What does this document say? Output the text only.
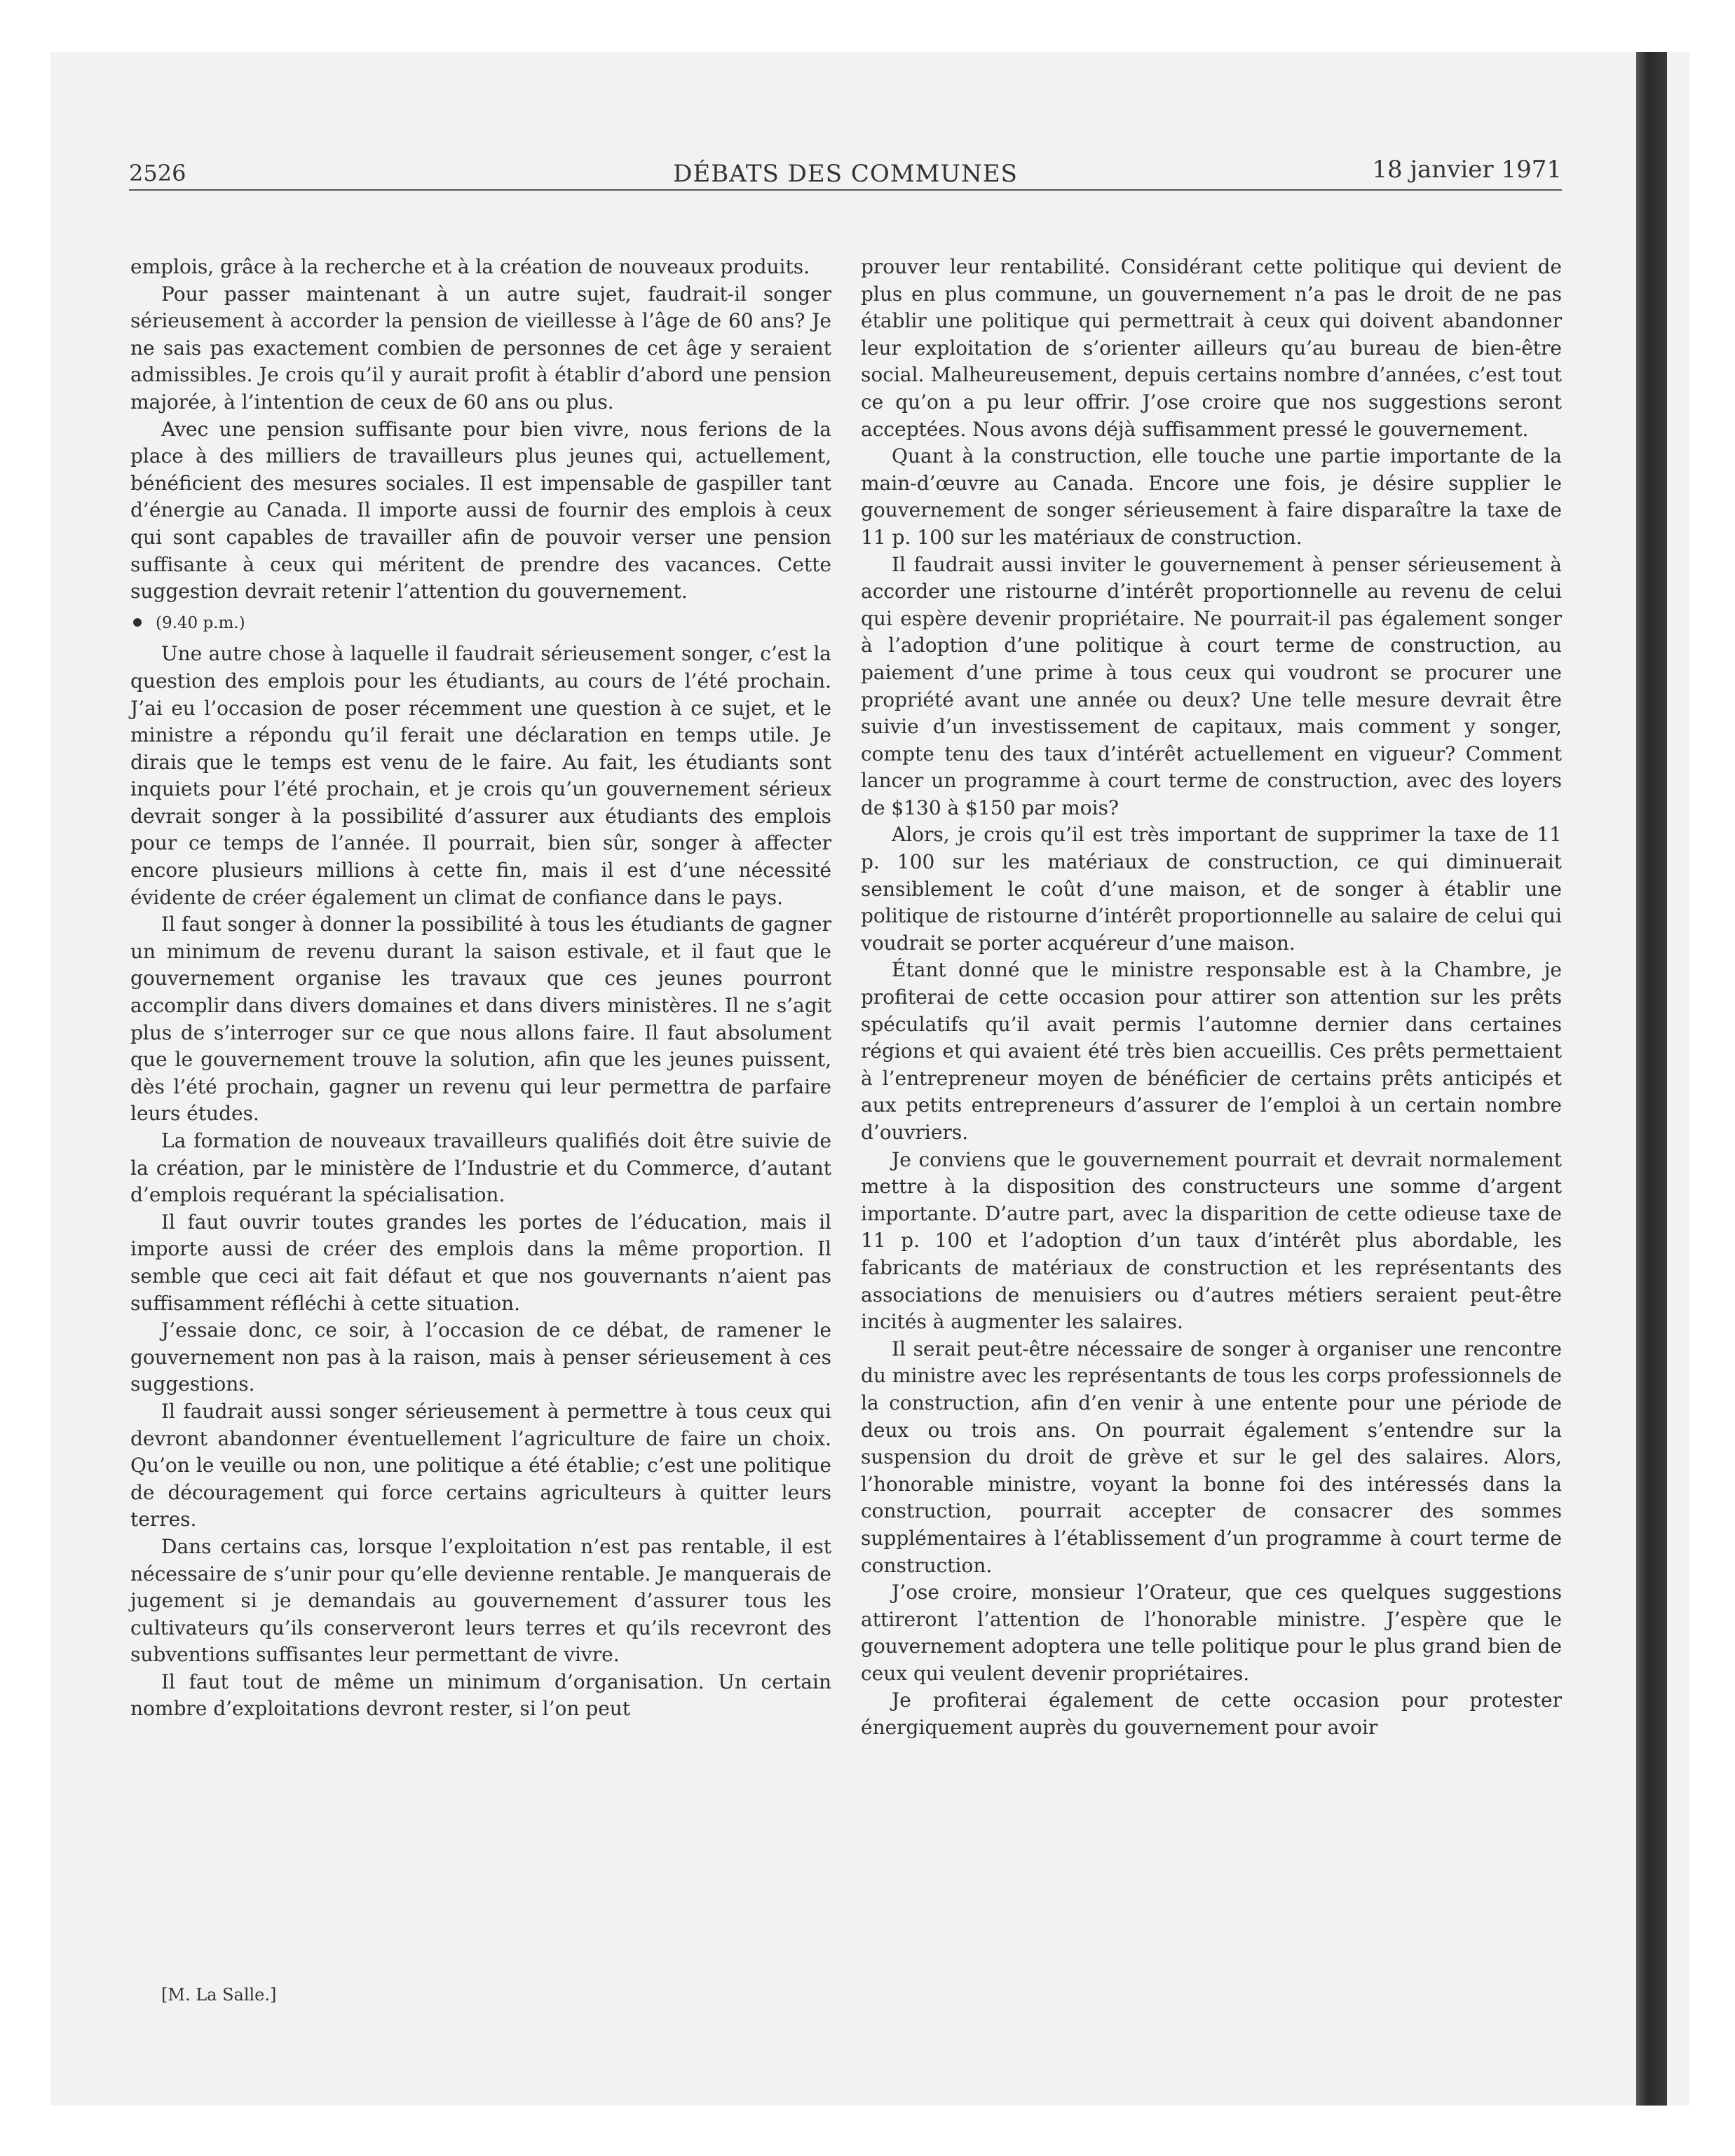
2526	DÉBATS DES COMMUNES	18 janvier 1971

emplois, grâce à la recherche et à la création de nouveaux produits.

Pour passer maintenant à un autre sujet, faudrait-il songer sérieusement à accorder la pension de vieillesse à l’âge de 60 ans? Je ne sais pas exactement combien de personnes de cet âge y seraient admissibles. Je crois qu’il y aurait profit à établir d’abord une pension majorée, à l’intention de ceux de 60 ans ou plus.

Avec une pension suffisante pour bien vivre, nous ferions de la place à des milliers de travailleurs plus jeunes qui, actuellement, bénéficient des mesures sociales. Il est impensable de gaspiller tant d’énergie au Canada. Il importe aussi de fournir des emplois à ceux qui sont capables de travailler afin de pouvoir verser une pension suffisante à ceux qui méritent de prendre des vacances. Cette suggestion devrait retenir l’attention du gouvernement.

(9.40 p.m.)

Une autre chose à laquelle il faudrait sérieusement songer, c’est la question des emplois pour les étudiants, au cours de l’été prochain. J’ai eu l’occasion de poser récemment une question à ce sujet, et le ministre a répondu qu’il ferait une déclaration en temps utile. Je dirais que le temps est venu de le faire. Au fait, les étudiants sont inquiets pour l’été prochain, et je crois qu’un gouvernement sérieux devrait songer à la possibilité d’assurer aux étudiants des emplois pour ce temps de l’année. Il pourrait, bien sûr, songer à affecter encore plusieurs millions à cette fin, mais il est d’une nécessité évidente de créer également un climat de confiance dans le pays.

Il faut songer à donner la possibilité à tous les étudiants de gagner un minimum de revenu durant la saison estivale, et il faut que le gouvernement organise les travaux que ces jeunes pourront accomplir dans divers domaines et dans divers ministères. Il ne s’agit plus de s’interroger sur ce que nous allons faire. Il faut absolument que le gouvernement trouve la solution, afin que les jeunes puissent, dès l’été prochain, gagner un revenu qui leur permettra de parfaire leurs études.

La formation de nouveaux travailleurs qualifiés doit être suivie de la création, par le ministère de l’Industrie et du Commerce, d’autant d’emplois requérant la spécialisation.

Il faut ouvrir toutes grandes les portes de l’éducation, mais il importe aussi de créer des emplois dans la même proportion. Il semble que ceci ait fait défaut et que nos gouvernants n’aient pas suffisamment réfléchi à cette situation.

J’essaie donc, ce soir, à l’occasion de ce débat, de ramener le gouvernement non pas à la raison, mais à penser sérieusement à ces suggestions.

Il faudrait aussi songer sérieusement à permettre à tous ceux qui devront abandonner éventuellement l’agriculture de faire un choix. Qu’on le veuille ou non, une politique a été établie; c’est une politique de découragement qui force certains agriculteurs à quitter leurs terres.

Dans certains cas, lorsque l’exploitation n’est pas rentable, il est nécessaire de s’unir pour qu’elle devienne rentable. Je manquerais de jugement si je demandais au gouvernement d’assurer tous les cultivateurs qu’ils conserveront leurs terres et qu’ils recevront des subventions suffisantes leur permettant de vivre.

Il faut tout de même un minimum d’organisation. Un certain nombre d’exploitations devront rester, si l’on peut

prouver leur rentabilité. Considérant cette politique qui devient de plus en plus commune, un gouvernement n’a pas le droit de ne pas établir une politique qui permettrait à ceux qui doivent abandonner leur exploitation de s’orienter ailleurs qu’au bureau de bien-être social. Malheureusement, depuis certains nombre d’années, c’est tout ce qu’on a pu leur offrir. J’ose croire que nos suggestions seront acceptées. Nous avons déjà suffisamment pressé le gouvernement.

Quant à la construction, elle touche une partie importante de la main-d’œuvre au Canada. Encore une fois, je désire supplier le gouvernement de songer sérieusement à faire disparaître la taxe de 11 p. 100 sur les matériaux de construction.

Il faudrait aussi inviter le gouvernement à penser sérieusement à accorder une ristourne d’intérêt proportionnelle au revenu de celui qui espère devenir propriétaire. Ne pourrait-il pas également songer à l’adoption d’une politique à court terme de construction, au paiement d’une prime à tous ceux qui voudront se procurer une propriété avant une année ou deux? Une telle mesure devrait être suivie d’un investissement de capitaux, mais comment y songer, compte tenu des taux d’intérêt actuellement en vigueur? Comment lancer un programme à court terme de construction, avec des loyers de $130 à $150 par mois?

Alors, je crois qu’il est très important de supprimer la taxe de 11 p. 100 sur les matériaux de construction, ce qui diminuerait sensiblement le coût d’une maison, et de songer à établir une politique de ristourne d’intérêt proportionnelle au salaire de celui qui voudrait se porter acquéreur d’une maison.

Étant donné que le ministre responsable est à la Chambre, je profiterai de cette occasion pour attirer son attention sur les prêts spéculatifs qu’il avait permis l’automne dernier dans certaines régions et qui avaient été très bien accueillis. Ces prêts permettaient à l’entrepreneur moyen de bénéficier de certains prêts anticipés et aux petits entrepreneurs d’assurer de l’emploi à un certain nombre d’ouvriers.

Je conviens que le gouvernement pourrait et devrait normalement mettre à la disposition des constructeurs une somme d’argent importante. D’autre part, avec la disparition de cette odieuse taxe de 11 p. 100 et l’adoption d’un taux d’intérêt plus abordable, les fabricants de matériaux de construction et les représentants des associations de menuisiers ou d’autres métiers seraient peut-être incités à augmenter les salaires.

Il serait peut-être nécessaire de songer à organiser une rencontre du ministre avec les représentants de tous les corps professionnels de la construction, afin d’en venir à une entente pour une période de deux ou trois ans. On pourrait également s’entendre sur la suspension du droit de grève et sur le gel des salaires. Alors, l’honorable ministre, voyant la bonne foi des intéressés dans la construction, pourrait accepter de consacrer des sommes supplémentaires à l’établissement d’un programme à court terme de construction.

J’ose croire, monsieur l’Orateur, que ces quelques suggestions attireront l’attention de l’honorable ministre. J’espère que le gouvernement adoptera une telle politique pour le plus grand bien de ceux qui veulent devenir propriétaires.

Je profiterai également de cette occasion pour protester énergiquement auprès du gouvernement pour avoir

[M. La Salle.]
